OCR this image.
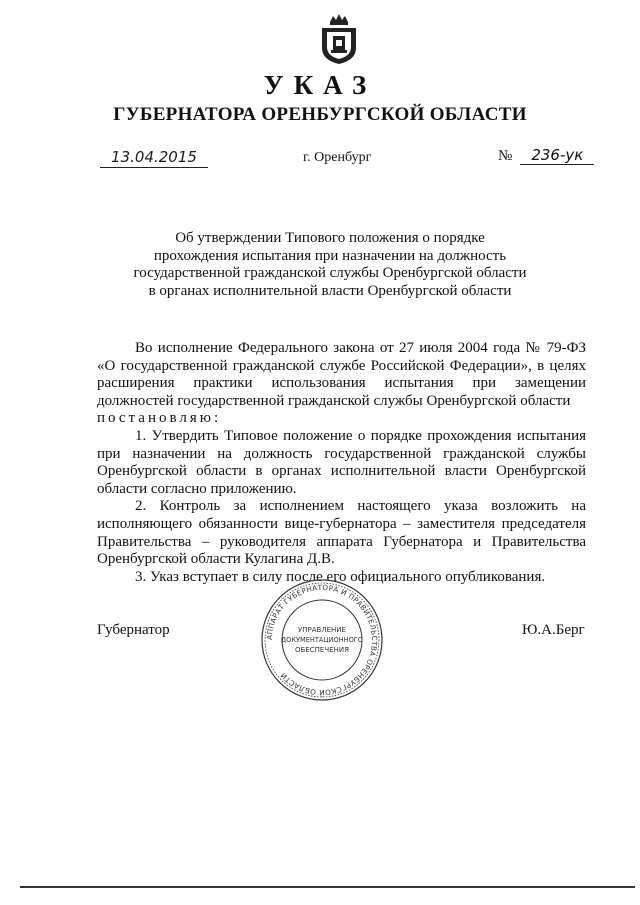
УКАЗ
ГУБЕРНАТОРА ОРЕНБУРГСКОЙ ОБЛАСТИ
13.04.2015	г. Оренбург	№ 236-ук
Об утверждении Типового положения о порядке
прохождения испытания при назначении на должность
государственной гражданской службы Оренбургской области
в органах исполнительной власти Оренбургской области

Во исполнение Федерального закона от 27 июля 2004 года № 79-ФЗ «О государственной гражданской службе Российской Федерации», в целях расширения практики использования испытания при замещении должностей государственной гражданской службы Оренбургской области

постановляю:

1. Утвердить Типовое положение о порядке прохождения испытания при назначении на должность государственной гражданской службы Оренбургской области в органах исполнительной власти Оренбургской области согласно приложению.

2. Контроль за исполнением настоящего указа возложить на исполняющего обязанности вице-губернатора – заместителя председателя Правительства – руководителя аппарата Губернатора и Правительства Оренбургской области Кулагина Д.В.

3. Указ вступает в силу после его официального опубликования.

Губернатор	Ю.А.Берг
АППАРАТ ГУБЕРНАТОРА И ПРАВИТЕЛЬСТВА ОРЕНБУРГСКОЙ ОБЛАСТИ
УПРАВЛЕНИЕ
ДОКУМЕНТАЦИОННОГО
ОБЕСПЕЧЕНИЯ
